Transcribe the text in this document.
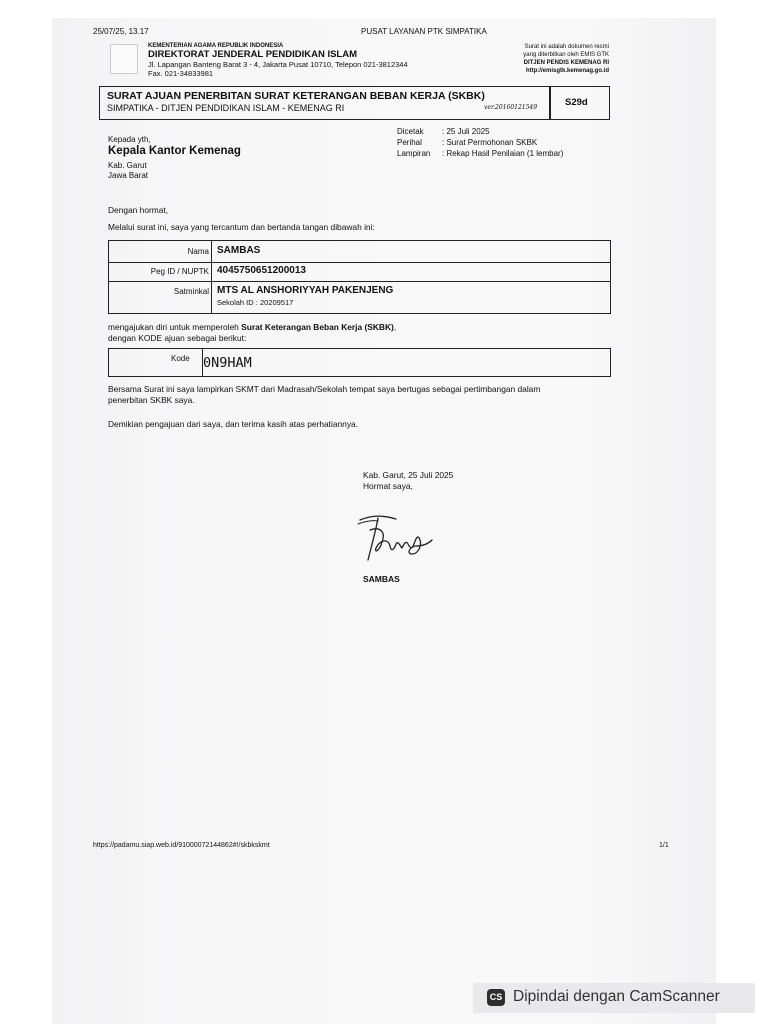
25/07/25, 13.17	PUSAT LAYANAN PTK SIMPATIKA
KEMENTERIAN AGAMA REPUBLIK INDONESIA
DIREKTORAT JENDERAL PENDIDIKAN ISLAM
Jl. Lapangan Banteng Barat 3 - 4, Jakarta Pusat 10710, Telepon 021-3812344
Fax. 021-34833981
Surat ini adalah dokumen resmi
yang diterbitkan oleh EMIS GTK
DITJEN PENDIS KEMENAG RI
http://emisgtk.kemenag.go.id
SURAT AJUAN PENERBITAN SURAT KETERANGAN BEBAN KERJA (SKBK)
SIMPATIKA - DITJEN PENDIDIKAN ISLAM - KEMENAG RI	ver.20160121549	S29d
Dicetak : 25 Juli 2025
Perihal	: Surat Permohonan SKBK
Lampiran : Rekap Hasil Penilaian (1 lembar)
Kepada yth,
Kepala Kantor Kemenag
Kab. Garut
Jawa Barat
Dengan hormat,
Melalui surat ini, saya yang tercantum dan bertanda tangan dibawah ini:
Nama SAMBAS
Peg ID / NUPTK 4045750651200013
Satminkal MTS AL ANSHORIYYAH PAKENJENG
Sekolah ID : 20209517
mengajukan diri untuk memperoleh Surat Keterangan Beban Kerja (SKBK),
dengan KODE ajuan sebagai berikut:
Kode 0N9HAM
Bersama Surat ini saya lampirkan SKMT dari Madrasah/Sekolah tempat saya bertugas sebagai pertimbangan dalam
penerbitan SKBK saya.
Demikian pengajuan dari saya, dan terima kasih atas perhatiannya.
Kab. Garut, 25 Juli 2025
Hormat saya,
SAMBAS
https://padamu.siap.web.id/91000072144862#!/skbkskmt	1/1
CS Dipindai dengan CamScanner
